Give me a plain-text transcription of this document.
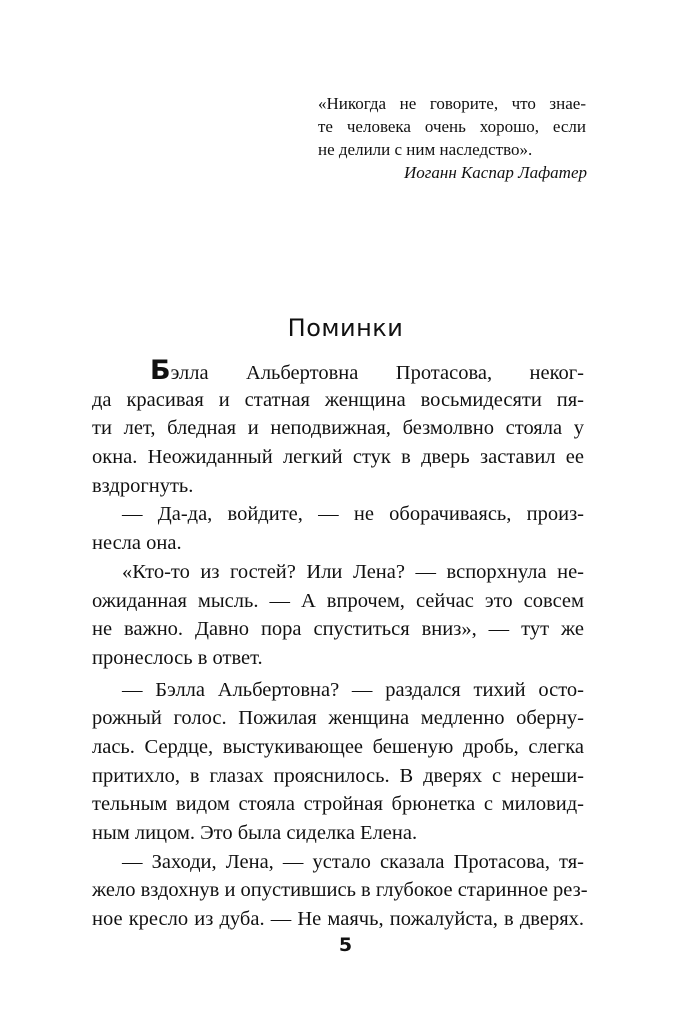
«Никогда не говорите, что знаe-
те человека очень хорошо, если
не делили с ним наследство».
Иоганн Каспар Лафатер
Поминки
Бэлла Альбертовна Протасова, неког-
да красивая и статная женщина восьмидесяти пя-
ти лет, бледная и неподвижная, безмолвно стояла у
окна. Неожиданный легкий стук в дверь заставил ее
вздрогнуть.
— Да-да, войдите, — не оборачиваясь, произ-
несла она.
«Кто-то из гостей? Или Лена? — вспорхнула не-
ожиданная мысль. — А впрочем, сейчас это совсем
не важно. Давно пора спуститься вниз», — тут же
пронеслось в ответ.
— Бэлла Альбертовна? — раздался тихий осто-
рожный голос. Пожилая женщина медленно оберну-
лась. Сердце, выстукивающее бешеную дробь, слегка
притихло, в глазах прояснилось. В дверях с нереши-
тельным видом стояла стройная брюнетка с миловид-
ным лицом. Это была сиделка Елена.
— Заходи, Лена, — устало сказала Протасова, тя-
жело вздохнув и опустившись в глубокое старинное рез-
ное кресло из дуба. — Не маячь, пожалуйста, в дверях.
5
